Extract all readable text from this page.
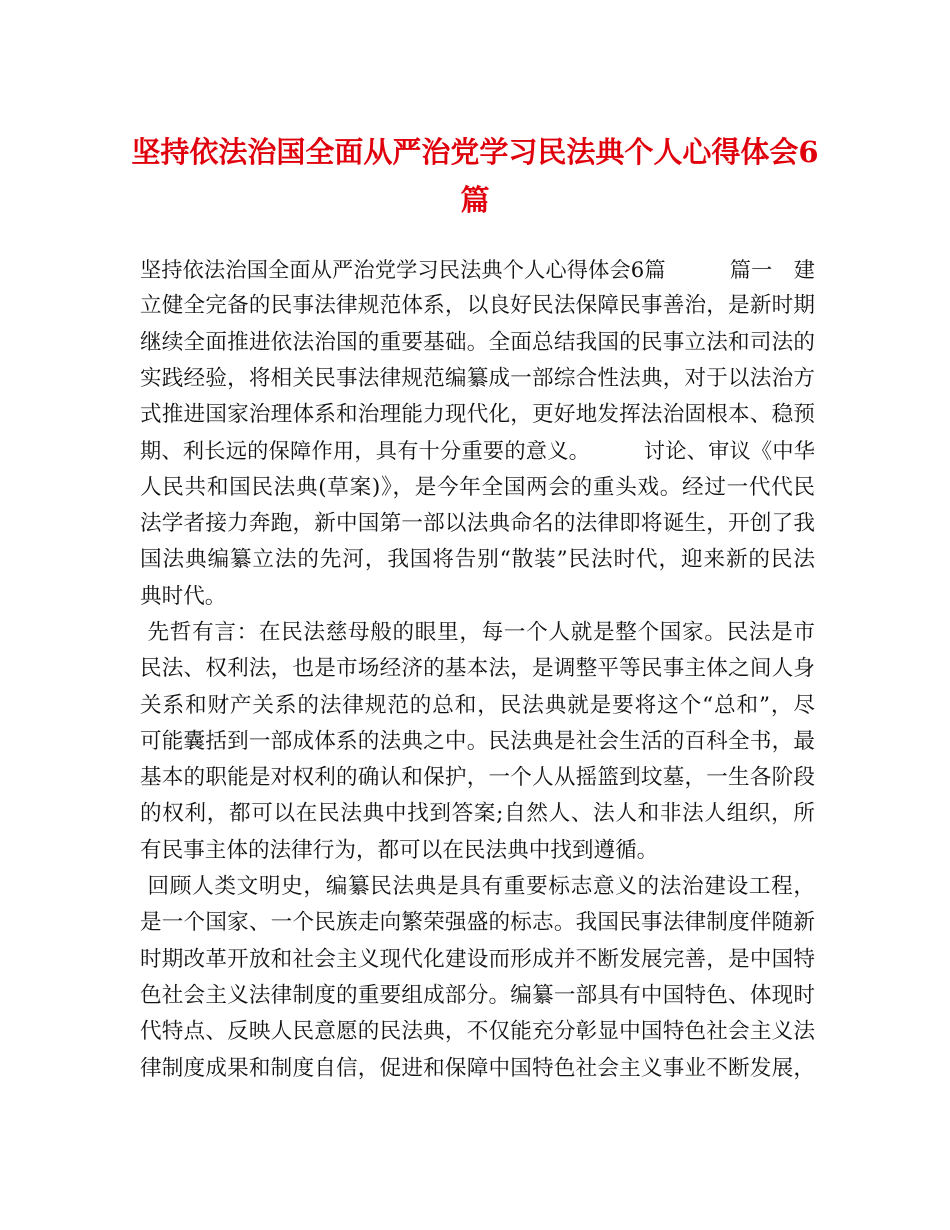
坚持依法治国全面从严治党学习民法典个人心得体会6
篇
坚持依法治国全面从严治党学习民法典个人心得体会6篇　　　篇一　建
立健全完备的民事法律规范体系，以良好民法保障民事善治，是新时期
继续全面推进依法治国的重要基础。全面总结我国的民事立法和司法的
实践经验，将相关民事法律规范编纂成一部综合性法典，对于以法治方
式推进国家治理体系和治理能力现代化，更好地发挥法治固根本、稳预
期、利长远的保障作用，具有十分重要的意义。　　　讨论、审议《中华
人民共和国民法典(草案)》，是今年全国两会的重头戏。经过一代代民
法学者接力奔跑，新中国第一部以法典命名的法律即将诞生，开创了我
国法典编纂立法的先河，我国将告别“散装”民法时代，迎来新的民法
典时代。
先哲有言：在民法慈母般的眼里，每一个人就是整个国家。民法是市
民法、权利法，也是市场经济的基本法，是调整平等民事主体之间人身
关系和财产关系的法律规范的总和，民法典就是要将这个“总和”，尽
可能囊括到一部成体系的法典之中。民法典是社会生活的百科全书，最
基本的职能是对权利的确认和保护，一个人从摇篮到坟墓，一生各阶段
的权利，都可以在民法典中找到答案;自然人、法人和非法人组织，所
有民事主体的法律行为，都可以在民法典中找到遵循。
回顾人类文明史，编纂民法典是具有重要标志意义的法治建设工程，
是一个国家、一个民族走向繁荣强盛的标志。我国民事法律制度伴随新
时期改革开放和社会主义现代化建设而形成并不断发展完善，是中国特
色社会主义法律制度的重要组成部分。编纂一部具有中国特色、体现时
代特点、反映人民意愿的民法典，不仅能充分彰显中国特色社会主义法
律制度成果和制度自信，促进和保障中国特色社会主义事业不断发展，
